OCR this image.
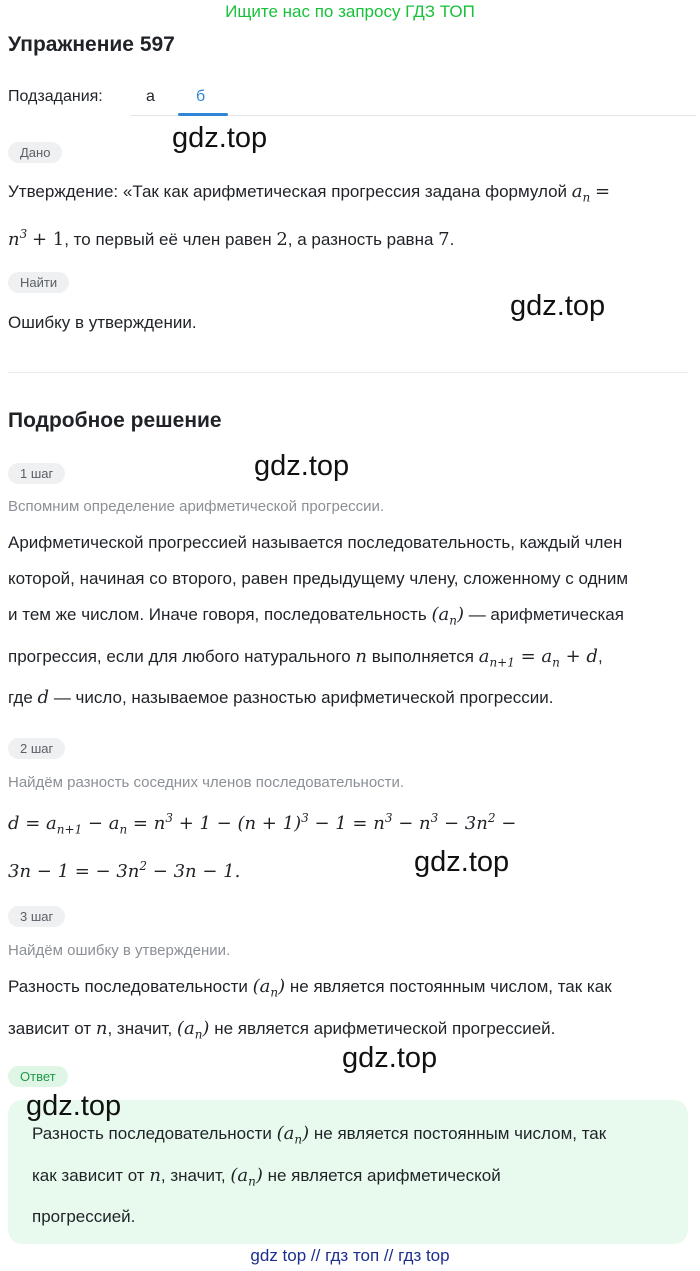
Ищите нас по запросу ГДЗ ТОП
Упражнение 597
Подзадания:	а	б
Дано
Утверждение: «Так как арифметическая прогрессия задана формулой $a_n$ =
$n^3 + 1$, то первый её член равен 2, а разность равна 7.
Найти
Ошибку в утверждении.
Подробное решение
1 шаг
Вспомним определение арифметической прогрессии.
Арифметической прогрессией называется последовательность, каждый член
которой, начиная со второго, равен предыдущему члену, сложенному с одним
и тем же числом. Иначе говоря, последовательность $(a_n)$ — арифметическая
прогрессия, если для любого натурального n выполняется $a_{n+1} = a_n + d$,
где d — число, называемое разностью арифметической прогрессии.
2 шаг
Найдём разность соседних членов последовательности.
$d = a_{n+1} - a_n = n^3 + 1 - (n + 1)^3 - 1 = n^3 - n^3 - 3n^2$ −
3n − 1 = − $3n^2 - 3n - 1$.
3 шаг
Найдём ошибку в утверждении.
Разность последовательности $(a_n)$ не является постоянным числом, так как
зависит от n, значит, $(a_n)$ не является арифметической прогрессией.
Ответ
Разность последовательности $(a_n)$ не является постоянным числом, так
как зависит от n, значит, $(a_n)$ не является арифметической
прогрессией.
gdz.top
gdz.top
gdz.top
gdz.top
gdz.top
gdz.top
gdz top // гдз топ // гдз top
